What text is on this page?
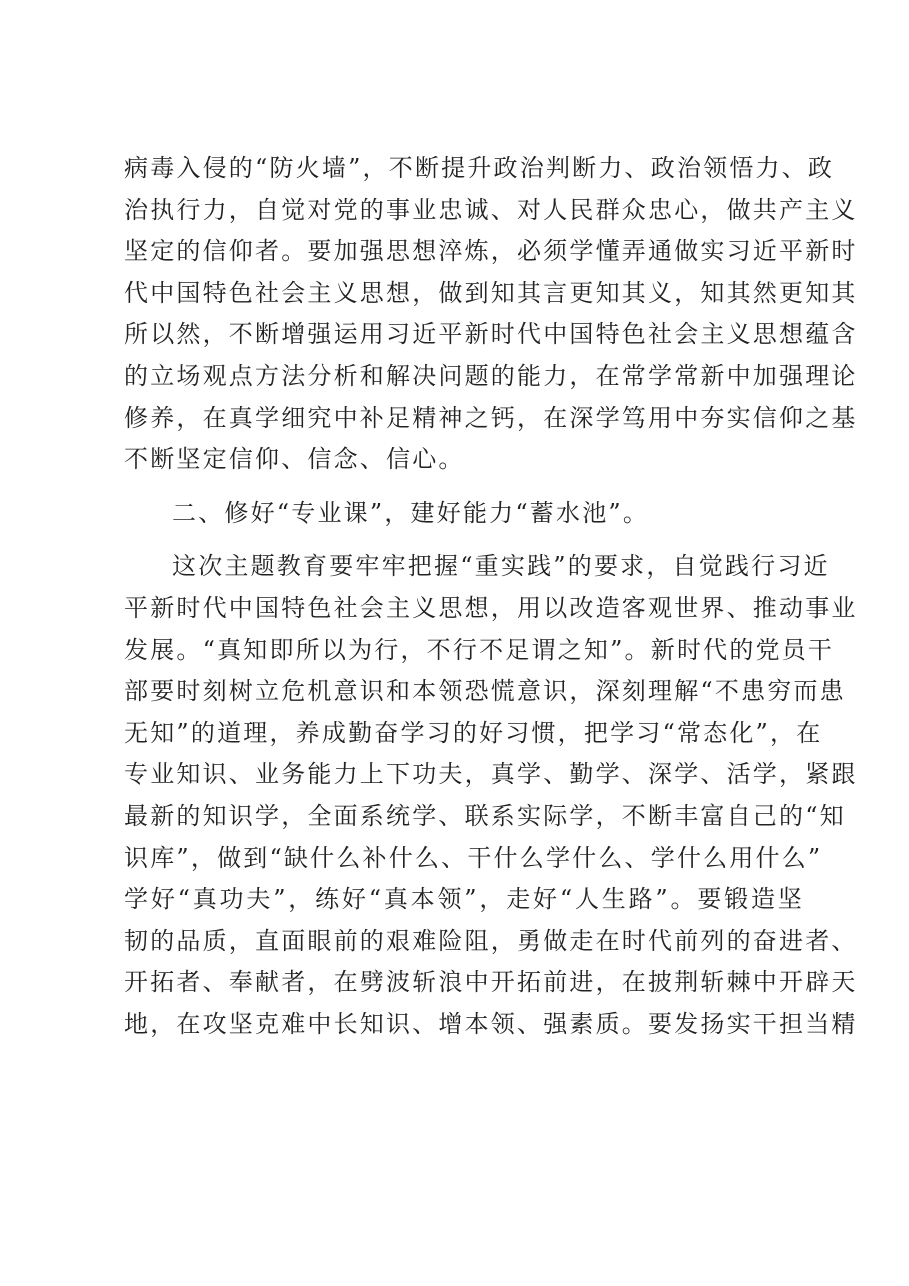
病毒入侵的“防火墙”，不断提升政治判断力、政治领悟力、政
治执行力，自觉对党的事业忠诚、对人民群众忠心，做共产主义
坚定的信仰者。要加强思想淬炼，必须学懂弄通做实习近平新时
代中国特色社会主义思想，做到知其言更知其义，知其然更知其
所以然，不断增强运用习近平新时代中国特色社会主义思想蕴含
的立场观点方法分析和解决问题的能力，在常学常新中加强理论
修养，在真学细究中补足精神之钙，在深学笃用中夯实信仰之基
不断坚定信仰、信念、信心。
二、修好“专业课”，建好能力“蓄水池”。
这次主题教育要牢牢把握“重实践”的要求，自觉践行习近
平新时代中国特色社会主义思想，用以改造客观世界、推动事业
发展。“真知即所以为行，不行不足谓之知”。新时代的党员干
部要时刻树立危机意识和本领恐慌意识，深刻理解“不患穷而患
无知”的道理，养成勤奋学习的好习惯，把学习“常态化”，在
专业知识、业务能力上下功夫，真学、勤学、深学、活学，紧跟
最新的知识学，全面系统学、联系实际学，不断丰富自己的“知
识库”，做到“缺什么补什么、干什么学什么、学什么用什么”
学好“真功夫”，练好“真本领”，走好“人生路”。要锻造坚
韧的品质，直面眼前的艰难险阻，勇做走在时代前列的奋进者、
开拓者、奉献者，在劈波斩浪中开拓前进，在披荆斩棘中开辟天
地，在攻坚克难中长知识、增本领、强素质。要发扬实干担当精
